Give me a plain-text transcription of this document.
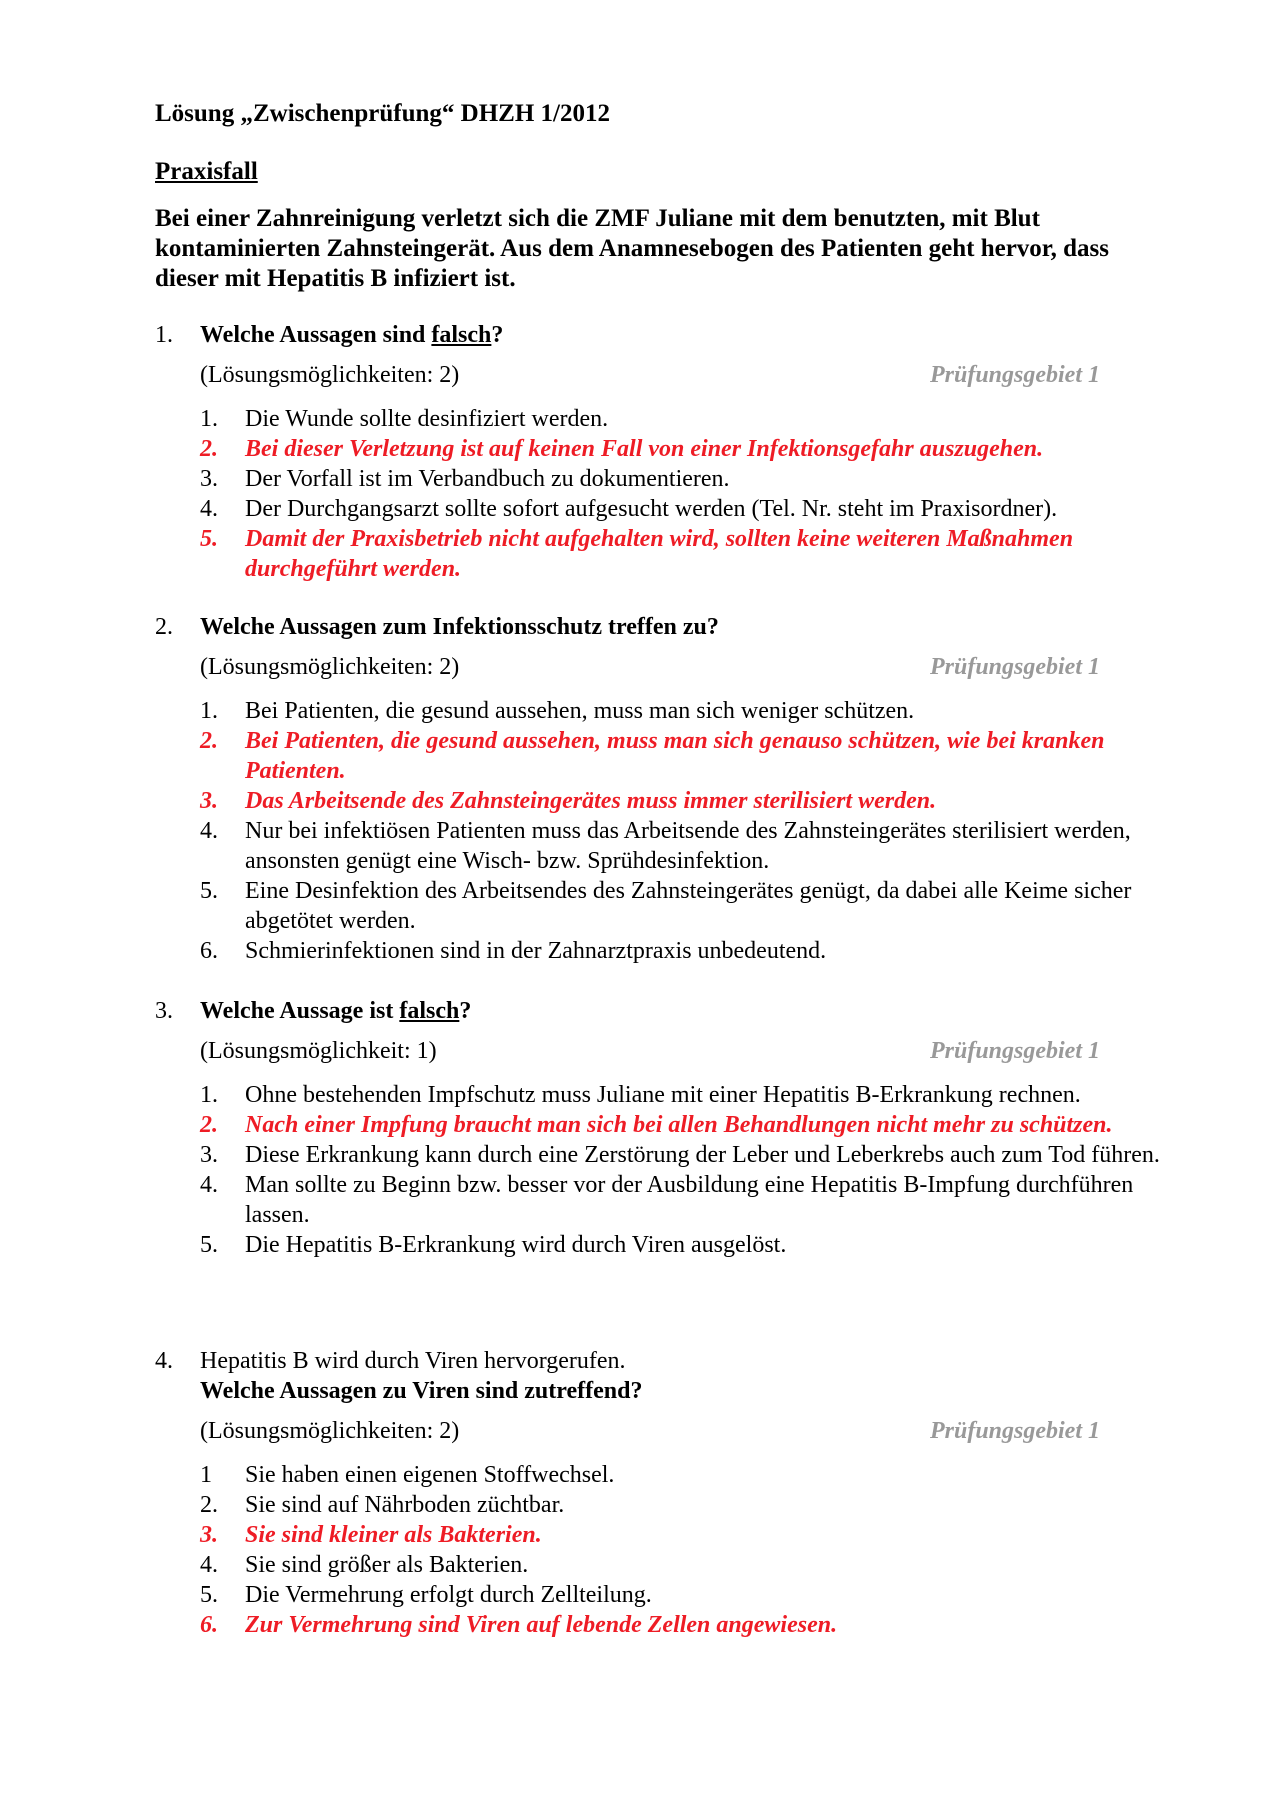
Lösung „Zwischenprüfung“ DHZH 1/2012
Praxisfall
Bei einer Zahnreinigung verletzt sich die ZMF Juliane mit dem benutzten, mit Blut kontaminierten Zahnsteingerät. Aus dem Anamnesebogen des Patienten geht hervor, dass dieser mit Hepatitis B infiziert ist.
1.	Welche Aussagen sind falsch?
(Lösungsmöglichkeiten: 2)	Prüfungsgebiet 1
1.	Die Wunde sollte desinfiziert werden.
2.	Bei dieser Verletzung ist auf keinen Fall von einer Infektionsgefahr auszugehen.
3.	Der Vorfall ist im Verbandbuch zu dokumentieren.
4.	Der Durchgangsarzt sollte sofort aufgesucht werden (Tel. Nr. steht im Praxisordner).
5.	Damit der Praxisbetrieb nicht aufgehalten wird, sollten keine weiteren Maßnahmen durchgeführt werden.
2.	Welche Aussagen zum Infektionsschutz treffen zu?
(Lösungsmöglichkeiten: 2)	Prüfungsgebiet 1
1.	Bei Patienten, die gesund aussehen, muss man sich weniger schützen.
2.	Bei Patienten, die gesund aussehen, muss man sich genauso schützen, wie bei kranken Patienten.
3.	Das Arbeitsende des Zahnsteingerätes muss immer sterilisiert werden.
4.	Nur bei infektiösen Patienten muss das Arbeitsende des Zahnsteingerätes sterilisiert werden, ansonsten genügt eine Wisch- bzw. Sprühdesinfektion.
5.	Eine Desinfektion des Arbeitsendes des Zahnsteingerätes genügt, da dabei alle Keime sicher abgetötet werden.
6.	Schmierinfektionen sind in der Zahnarztpraxis unbedeutend.
3.	Welche Aussage ist falsch?
(Lösungsmöglichkeit: 1)	Prüfungsgebiet 1
1.	Ohne bestehenden Impfschutz muss Juliane mit einer Hepatitis B-Erkrankung rechnen.
2.	Nach einer Impfung braucht man sich bei allen Behandlungen nicht mehr zu schützen.
3.	Diese Erkrankung kann durch eine Zerstörung der Leber und Leberkrebs auch zum Tod führen.
4.	Man sollte zu Beginn bzw. besser vor der Ausbildung eine Hepatitis B-Impfung durchführen lassen.
5.	Die Hepatitis B-Erkrankung wird durch Viren ausgelöst.
4.	Hepatitis B wird durch Viren hervorgerufen.
Welche Aussagen zu Viren sind zutreffend?
(Lösungsmöglichkeiten: 2)	Prüfungsgebiet 1
1	Sie haben einen eigenen Stoffwechsel.
2.	Sie sind auf Nährboden züchtbar.
3.	Sie sind kleiner als Bakterien.
4.	Sie sind größer als Bakterien.
5.	Die Vermehrung erfolgt durch Zellteilung.
6.	Zur Vermehrung sind Viren auf lebende Zellen angewiesen.
